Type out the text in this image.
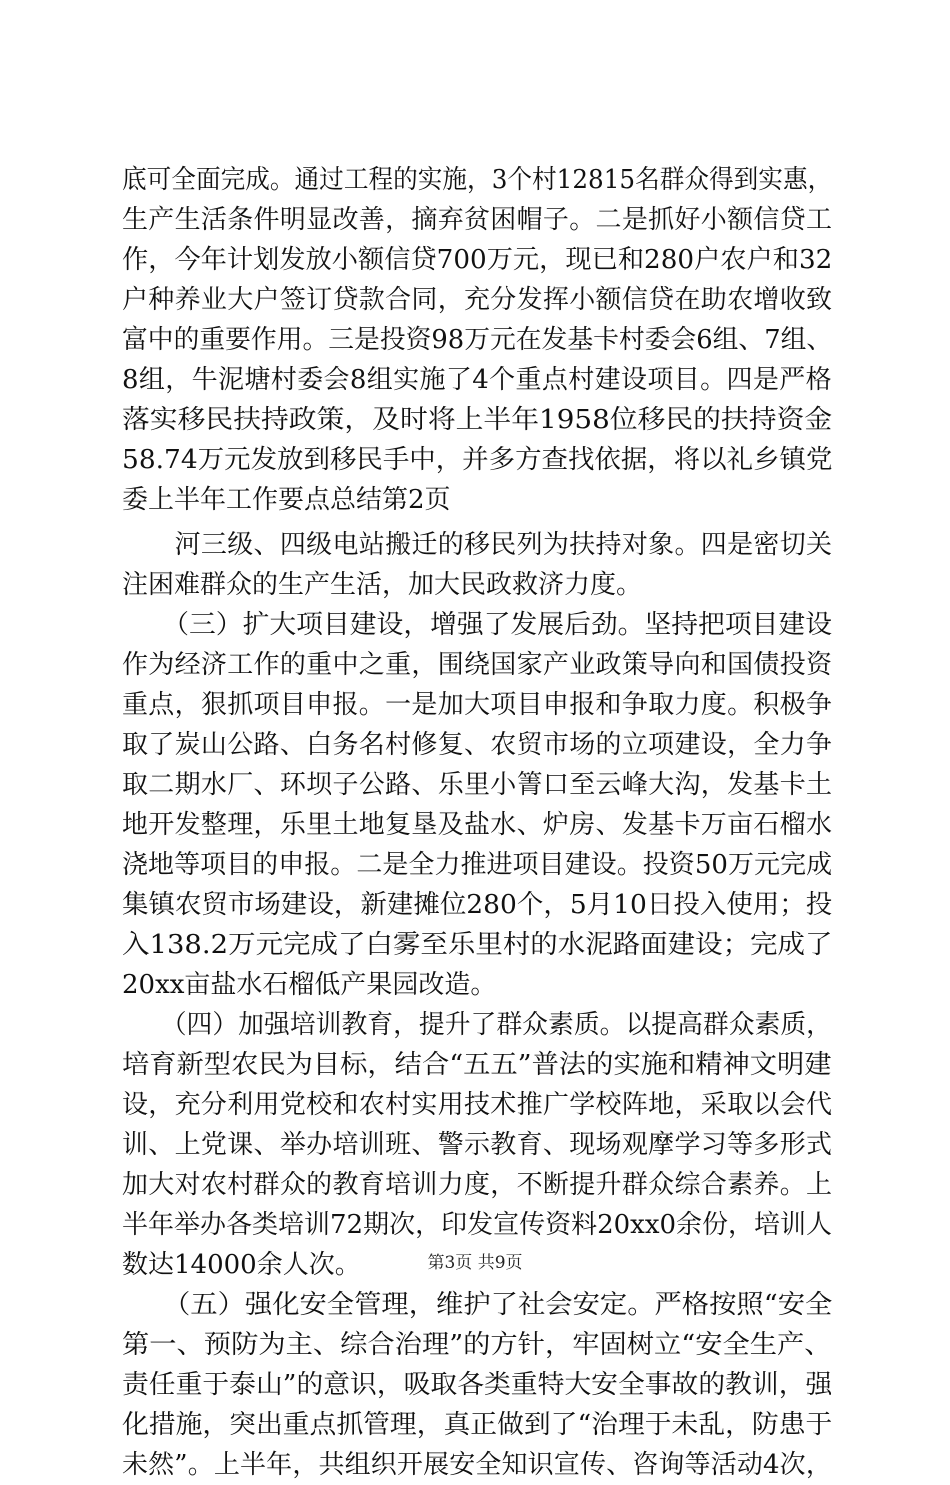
底可全面完成。通过工程的实施，3个村12815名群众得到实惠，
生产生活条件明显改善，摘弃贫困帽子。二是抓好小额信贷工
作，今年计划发放小额信贷700万元，现已和280户农户和32
户种养业大户签订贷款合同，充分发挥小额信贷在助农增收致
富中的重要作用。三是投资98万元在发基卡村委会6组、7组、
8组，牛泥塘村委会8组实施了4个重点村建设项目。四是严格
落实移民扶持政策，及时将上半年1958位移民的扶持资金
58.74万元发放到移民手中，并多方查找依据，将以礼乡镇党
委上半年工作要点总结第2页
　　河三级、四级电站搬迁的移民列为扶持对象。四是密切关
注困难群众的生产生活，加大民政救济力度。
　　（三）扩大项目建设，增强了发展后劲。坚持把项目建设
作为经济工作的重中之重，围绕国家产业政策导向和国债投资
重点，狠抓项目申报。一是加大项目申报和争取力度。积极争
取了炭山公路、白务名村修复、农贸市场的立项建设，全力争
取二期水厂、环坝子公路、乐里小箐口至云峰大沟，发基卡土
地开发整理，乐里土地复垦及盐水、炉房、发基卡万亩石榴水
浇地等项目的申报。二是全力推进项目建设。投资50万元完成
集镇农贸市场建设，新建摊位280个，5月10日投入使用；投
入138.2万元完成了白雾至乐里村的水泥路面建设；完成了
20xx亩盐水石榴低产果园改造。
　　（四）加强培训教育，提升了群众素质。以提高群众素质，
培育新型农民为目标，结合“五五”普法的实施和精神文明建
设，充分利用党校和农村实用技术推广学校阵地，采取以会代
训、上党课、举办培训班、警示教育、现场观摩学习等多形式
加大对农村群众的教育培训力度，不断提升群众综合素养。上
半年举办各类培训72期次，印发宣传资料20xx0余份，培训人
数达14000余人次。
　　（五）强化安全管理，维护了社会安定。严格按照“安全
第一、预防为主、综合治理”的方针，牢固树立“安全生产、
责任重于泰山”的意识，吸取各类重特大安全事故的教训，强
化措施，突出重点抓管理，真正做到了“治理于未乱，防患于
未然”。上半年，共组织开展安全知识宣传、咨询等活动4次，
第3页 共9页
